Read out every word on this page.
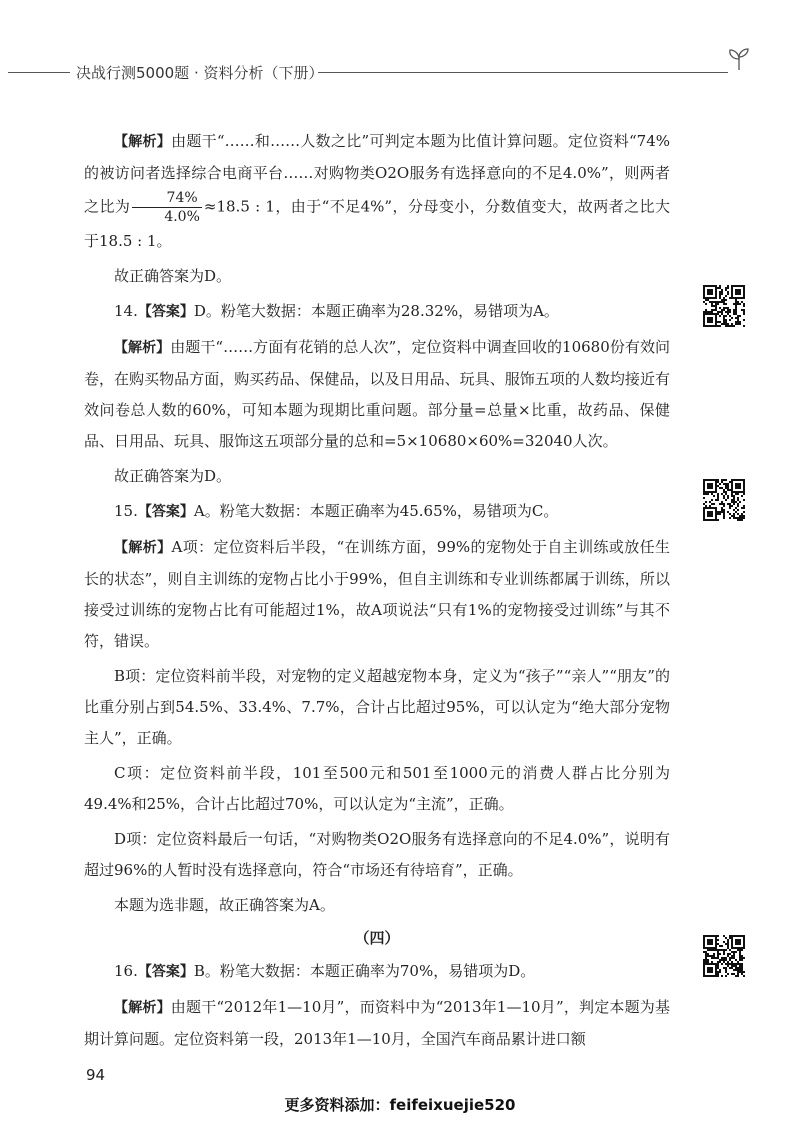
决战行测5000题 · 资料分析（下册）

【解析】由题干“……和……人数之比”可判定本题为比值计算问题。定位资料“74%的被访问者选择综合电商平台……对购物类O2O服务有选择意向的不足4.0%”，则两者之比为 $\frac{74\%}{4.0\%} \approx 18.5$ : 1，由于“不足4%”，分母变小，分数值变大，故两者之比大于18.5 : 1。

故正确答案为D。

14.【答案】D。粉笔大数据：本题正确率为28.32%，易错项为A。

【解析】由题干“……方面有花销的总人次”，定位资料中调查回收的10680份有效问卷，在购买物品方面，购买药品、保健品，以及日用品、玩具、服饰五项的人数均接近有效问卷总人数的60%，可知本题为现期比重问题。部分量=总量×比重，故药品、保健品、日用品、玩具、服饰这五项部分量的总和=5×10680×60%=32040人次。

故正确答案为D。

15.【答案】A。粉笔大数据：本题正确率为45.65%，易错项为C。

【解析】A项：定位资料后半段，“在训练方面，99%的宠物处于自主训练或放任生长的状态”，则自主训练的宠物占比小于99%，但自主训练和专业训练都属于训练，所以接受过训练的宠物占比有可能超过1%，故A项说法“只有1%的宠物接受过训练”与其不符，错误。

B项：定位资料前半段，对宠物的定义超越宠物本身，定义为“孩子”“亲人”“朋友”的比重分别占到54.5%、33.4%、7.7%，合计占比超过95%，可以认定为“绝大部分宠物主人”，正确。

C项：定位资料前半段，101至500元和501至1000元的消费人群占比分别为49.4%和25%，合计占比超过70%，可以认定为“主流”，正确。

D项：定位资料最后一句话，“对购物类O2O服务有选择意向的不足4.0%”，说明有超过96%的人暂时没有选择意向，符合“市场还有待培育”，正确。

本题为选非题，故正确答案为A。

（四）

16.【答案】B。粉笔大数据：本题正确率为70%，易错项为D。

【解析】由题干“2012年1—10月”，而资料中为“2013年1—10月”，判定本题为基期计算问题。定位资料第一段，2013年1—10月，全国汽车商品累计进口额

94
更多资料添加：feifeixuejie520
